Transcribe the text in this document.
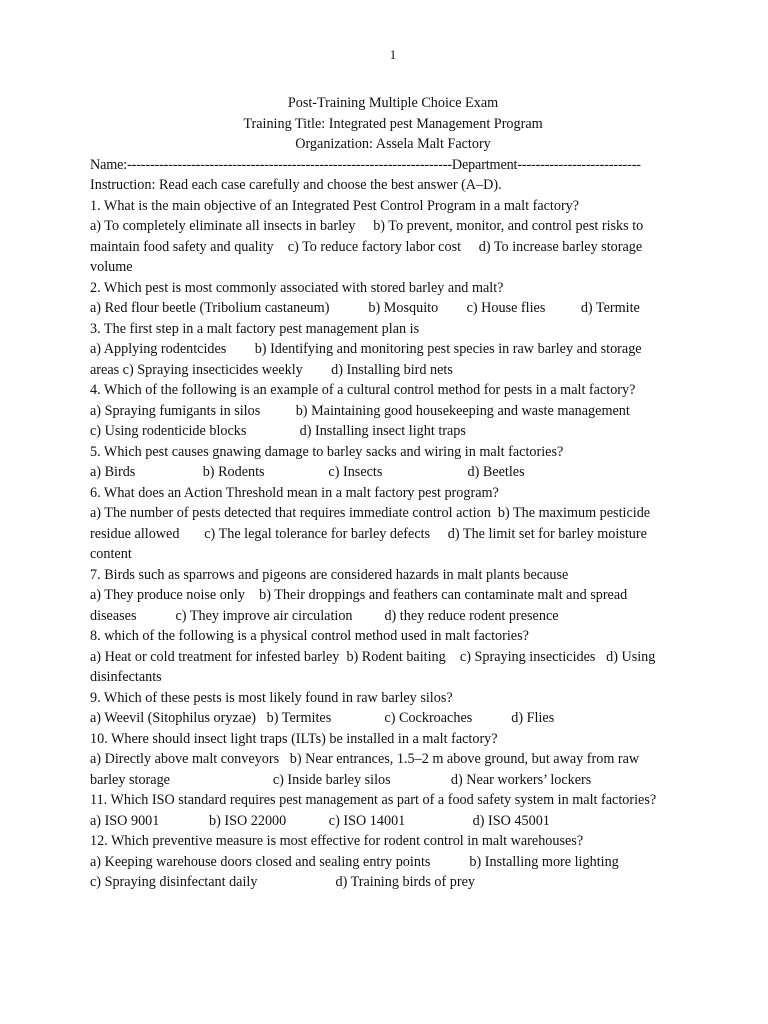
1
Post-Training Multiple Choice Exam
Training Title: Integrated pest Management Program
Organization: Assela Malt Factory
Name:-----------------------------------------------------------------------Department---------------------------
Instruction: Read each case carefully and choose the best answer (A–D).
1. What is the main objective of an Integrated Pest Control Program in a malt factory?
a) To completely eliminate all insects in barley     b) To prevent, monitor, and control pest risks to
maintain food safety and quality    c) To reduce factory labor cost     d) To increase barley storage
volume
2. Which pest is most commonly associated with stored barley and malt?
a) Red flour beetle (Tribolium castaneum)           b) Mosquito        c) House flies          d) Termite
3. The first step in a malt factory pest management plan is
a) Applying rodentcides        b) Identifying and monitoring pest species in raw barley and storage
areas c) Spraying insecticides weekly        d) Installing bird nets
4. Which of the following is an example of a cultural control method for pests in a malt factory?
a) Spraying fumigants in silos          b) Maintaining good housekeeping and waste management
c) Using rodenticide blocks               d) Installing insect light traps
5. Which pest causes gnawing damage to barley sacks and wiring in malt factories?
a) Birds                   b) Rodents                  c) Insects                        d) Beetles
6. What does an Action Threshold mean in a malt factory pest program?
a) The number of pests detected that requires immediate control action  b) The maximum pesticide
residue allowed       c) The legal tolerance for barley defects     d) The limit set for barley moisture
content
7. Birds such as sparrows and pigeons are considered hazards in malt plants because
a) They produce noise only    b) Their droppings and feathers can contaminate malt and spread
diseases           c) They improve air circulation         d) they reduce rodent presence
8. which of the following is a physical control method used in malt factories?
a) Heat or cold treatment for infested barley  b) Rodent baiting    c) Spraying insecticides   d) Using
disinfectants
9. Which of these pests is most likely found in raw barley silos?
a) Weevil (Sitophilus oryzae)   b) Termites               c) Cockroaches           d) Flies
10. Where should insect light traps (ILTs) be installed in a malt factory?
a) Directly above malt conveyors   b) Near entrances, 1.5–2 m above ground, but away from raw
barley storage                             c) Inside barley silos                 d) Near workers’ lockers
11. Which ISO standard requires pest management as part of a food safety system in malt factories?
a) ISO 9001              b) ISO 22000            c) ISO 14001                   d) ISO 45001
12. Which preventive measure is most effective for rodent control in malt warehouses?
a) Keeping warehouse doors closed and sealing entry points           b) Installing more lighting
c) Spraying disinfectant daily                      d) Training birds of prey
